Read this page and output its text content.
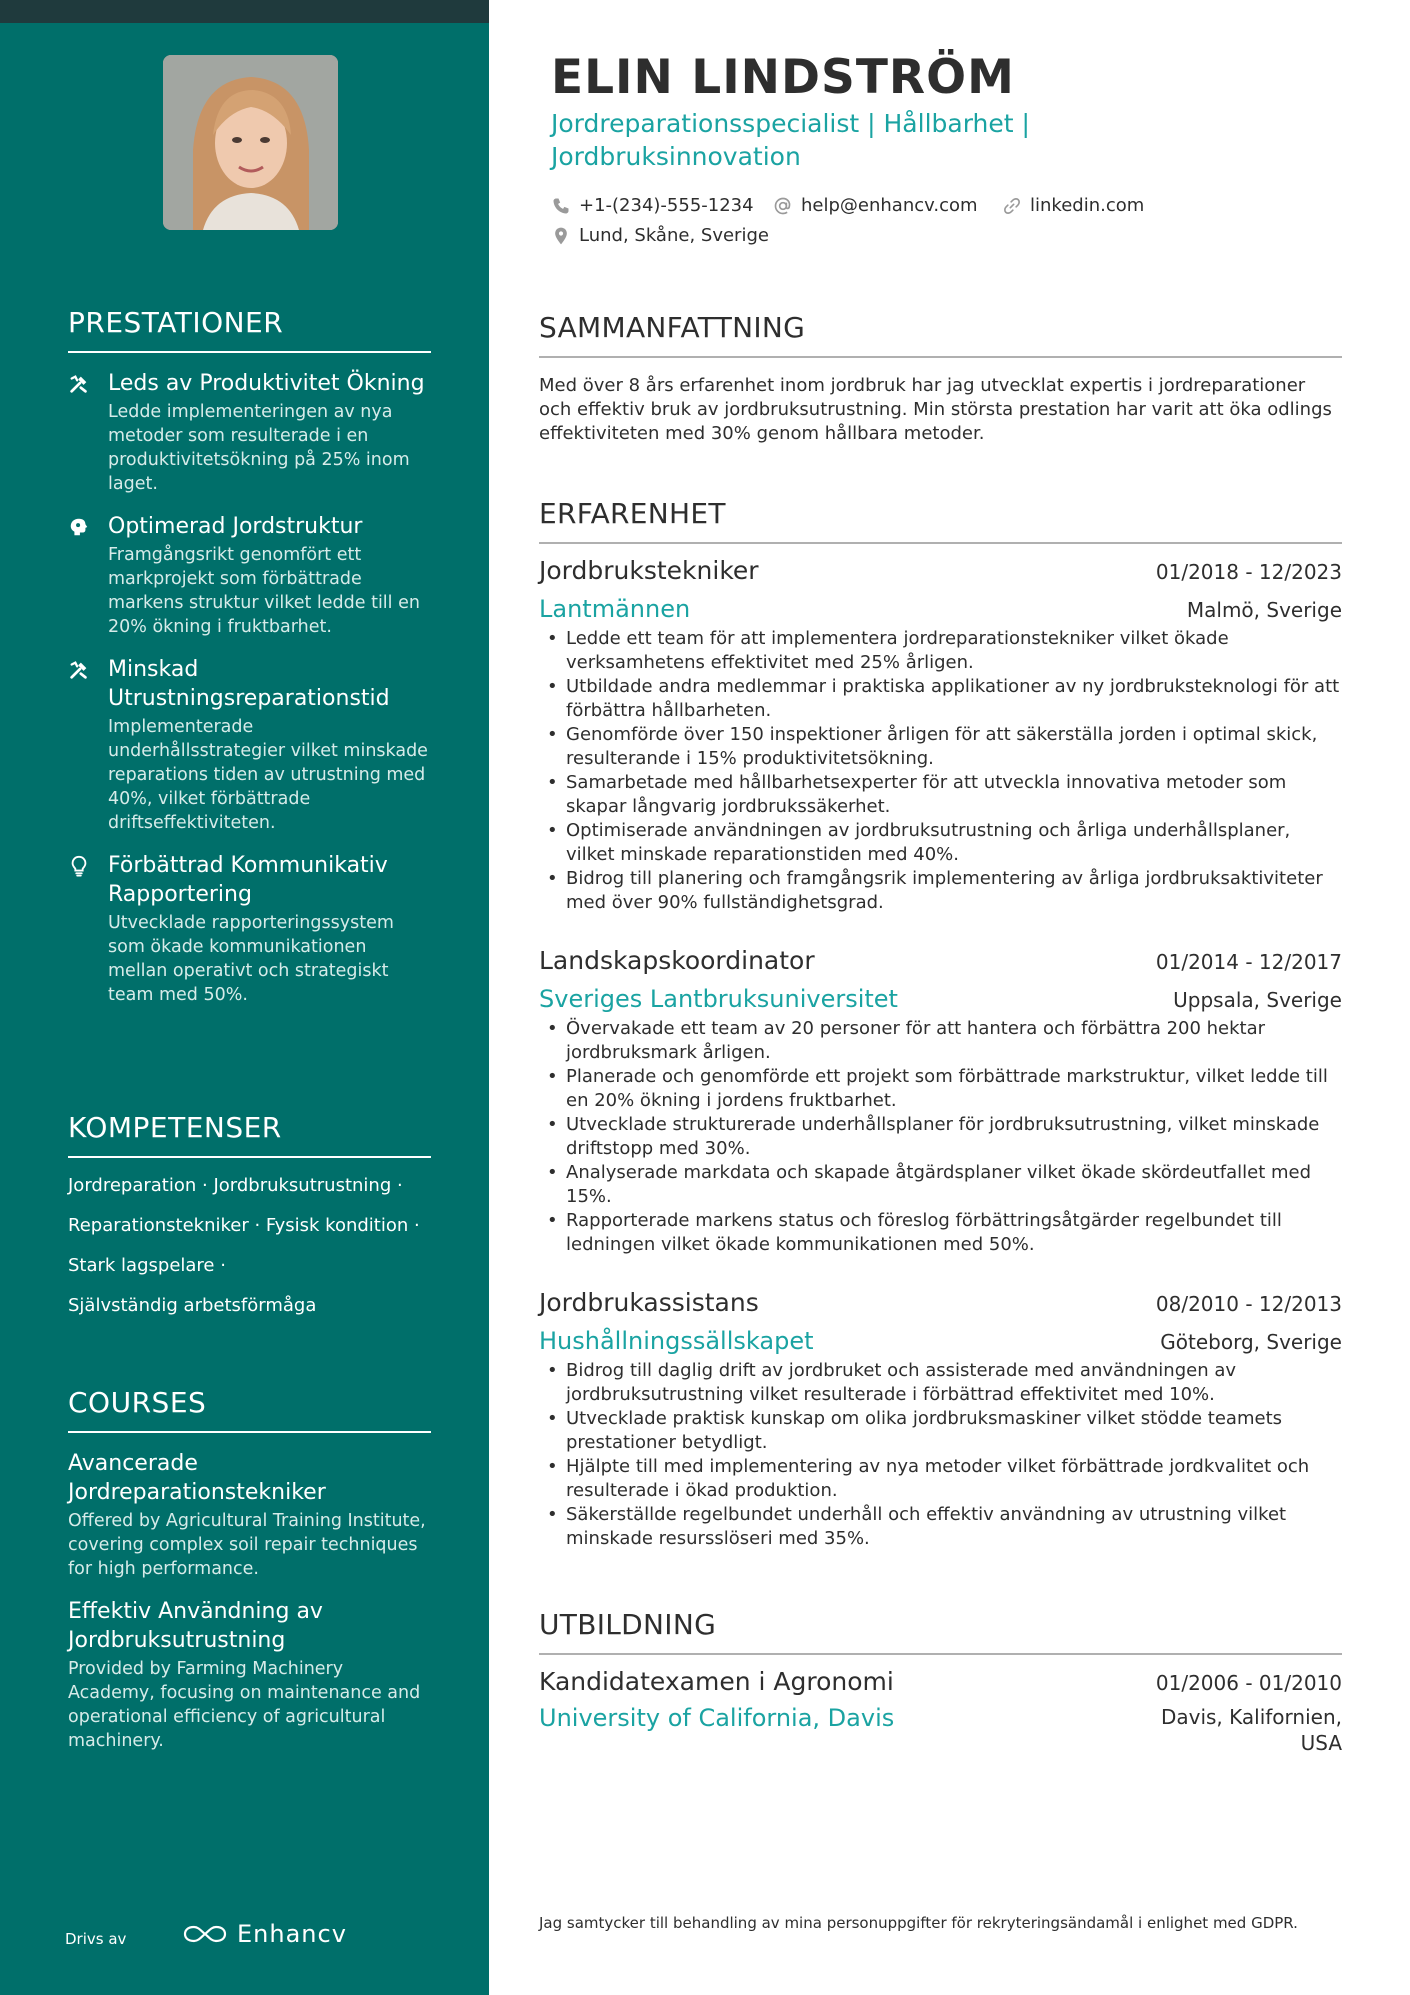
PRESTATIONER
Leds av Produktivitet Ökning
Ledde implementeringen av nya metoder som resulterade i en produktivitetsökning på 25% inom laget.
Optimerad Jordstruktur
Framgångsrikt genomfört ett markprojekt som förbättrade markens struktur vilket ledde till en 20% ökning i fruktbarhet.
Minskad Utrustningsreparationstid
Implementerade underhållsstrategier vilket minskade reparations tiden av utrustning med 40%, vilket förbättrade driftseffektiviteten.
Förbättrad Kommunikativ Rapportering
Utvecklade rapporteringssystem som ökade kommunikationen mellan operativt och strategiskt team med 50%.
KOMPETENSER
Jordreparation · Jordbruksutrustning ·
Reparationstekniker · Fysisk kondition ·
Stark lagspelare ·
Självständig arbetsförmåga
COURSES
Avancerade Jordreparationstekniker
Offered by Agricultural Training Institute, covering complex soil repair techniques for high performance.
Effektiv Användning av Jordbruksutrustning
Provided by Farming Machinery Academy, focusing on maintenance and operational efficiency of agricultural machinery.
Drivs av	Enhancv
ELIN LINDSTRÖM
Jordreparationsspecialist | Hållbarhet | Jordbruksinnovation
+1-(234)-555-1234	help@enhancv.com	linkedin.com
Lund, Skåne, Sverige
SAMMANFATTNING
Med över 8 års erfarenhet inom jordbruk har jag utvecklat expertis i jordreparationer och effektiv bruk av jordbruksutrustning. Min största prestation har varit att öka odlings effektiviteten med 30% genom hållbara metoder.
ERFARENHET
Jordbrukstekniker	01/2018 - 12/2023
Lantmännen	Malmö, Sverige
• Ledde ett team för att implementera jordreparationstekniker vilket ökade verksamhetens effektivitet med 25% årligen.
• Utbildade andra medlemmar i praktiska applikationer av ny jordbruksteknologi för att förbättra hållbarheten.
• Genomförde över 150 inspektioner årligen för att säkerställa jorden i optimal skick, resulterande i 15% produktivitetsökning.
• Samarbetade med hållbarhetsexperter för att utveckla innovativa metoder som skapar långvarig jordbrukssäkerhet.
• Optimiserade användningen av jordbruksutrustning och årliga underhållsplaner, vilket minskade reparationstiden med 40%.
• Bidrog till planering och framgångsrik implementering av årliga jordbruksaktiviteter med över 90% fullständighetsgrad.
Landskapskoordinator	01/2014 - 12/2017
Sveriges Lantbruksuniversitet	Uppsala, Sverige
• Övervakade ett team av 20 personer för att hantera och förbättra 200 hektar jordbruksmark årligen.
• Planerade och genomförde ett projekt som förbättrade markstruktur, vilket ledde till en 20% ökning i jordens fruktbarhet.
• Utvecklade strukturerade underhållsplaner för jordbruksutrustning, vilket minskade driftstopp med 30%.
• Analyserade markdata och skapade åtgärdsplaner vilket ökade skördeutfallet med 15%.
• Rapporterade markens status och föreslog förbättringsåtgärder regelbundet till ledningen vilket ökade kommunikationen med 50%.
Jordbrukassistans	08/2010 - 12/2013
Hushållningssällskapet	Göteborg, Sverige
• Bidrog till daglig drift av jordbruket och assisterade med användningen av jordbruksutrustning vilket resulterade i förbättrad effektivitet med 10%.
• Utvecklade praktisk kunskap om olika jordbruksmaskiner vilket stödde teamets prestationer betydligt.
• Hjälpte till med implementering av nya metoder vilket förbättrade jordkvalitet och resulterade i ökad produktion.
• Säkerställde regelbundet underhåll och effektiv användning av utrustning vilket minskade resursslöseri med 35%.
UTBILDNING
Kandidatexamen i Agronomi	01/2006 - 01/2010
University of California, Davis	Davis, Kalifornien, USA
Jag samtycker till behandling av mina personuppgifter för rekryteringsändamål i enlighet med GDPR.
